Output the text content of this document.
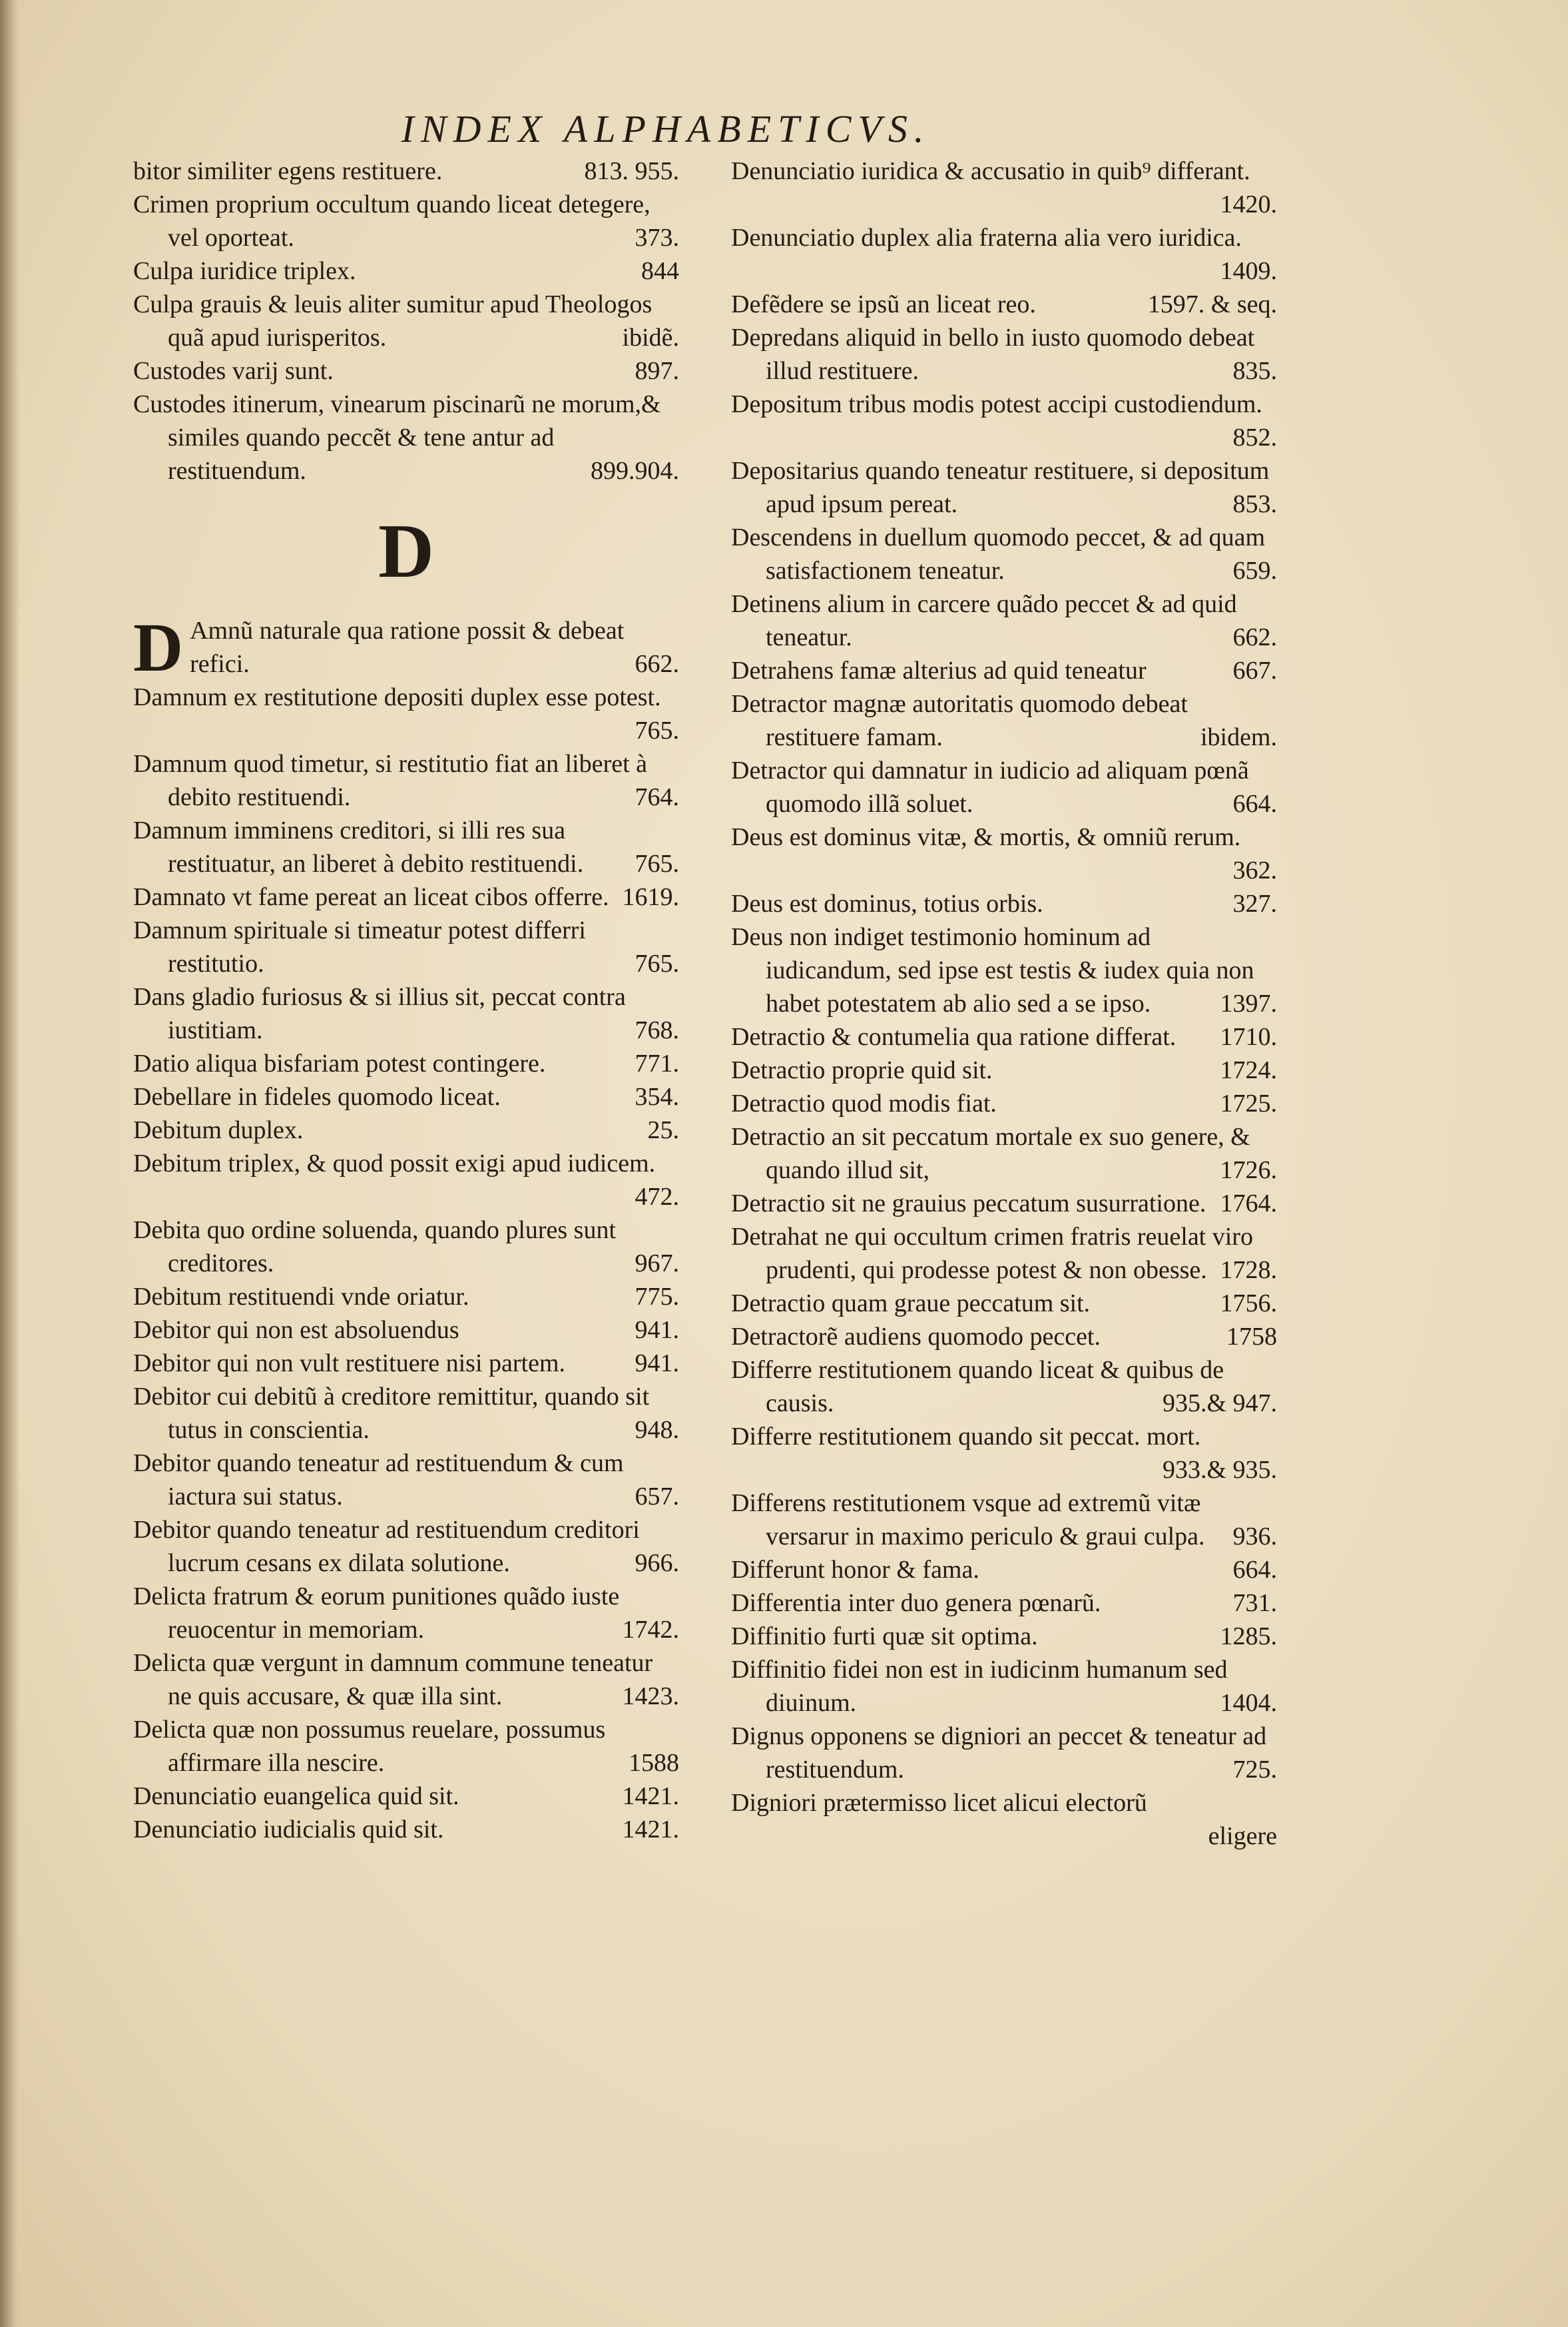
INDEX ALPHABETICVS.
bitor similiter egens restituere.	813. 955.
Crimen proprium occultum quando liceat detegere, vel oporteat.	373.
Culpa iuridice triplex.	844
Culpa grauis & leuis aliter sumitur apud Theologos quã apud iurisperitos.	ibidẽ.
Custodes varij sunt.	897.
Custodes itinerum, vinearum piscinarũ ne morum,& similes quando peccẽt & tene antur ad restituendum.	899.904.
D
D Amnũ naturale qua ratione possit & debeat refici.	662.
Damnum ex restitutione depositi duplex esse potest.
765.
Damnum quod timetur, si restitutio fiat an liberet à debito restituendi.	764.
Damnum imminens creditori, si illi res sua restituatur, an liberet à debito restituendi. 765.
Damnato vt fame pereat an liceat cibos offerre. 1619.
Damnum spirituale si timeatur potest differri restitutio.	765.
Dans gladio furiosus & si illius sit, peccat contra iustitiam.	768.
Datio aliqua bisfariam potest contingere.	771.
Debellare in fideles quomodo liceat.	354.
Debitum duplex.	25.
Debitum triplex, & quod possit exigi apud iudicem.
472.
Debita quo ordine soluenda, quando plures sunt creditores.	967.
Debitum restituendi vnde oriatur.	775.
Debitor qui non est absoluendus	941.
Debitor qui non vult restituere nisi partem.	941.
Debitor cui debitũ à creditore remittitur, quando sit tutus in conscientia.	948.
Debitor quando teneatur ad restituendum & cum iactura sui status.	657.
Debitor quando teneatur ad restituendum creditori lucrum cesans ex dilata solutione.	966.
Delicta fratrum & eorum punitiones quãdo iuste reuocentur in memoriam.	1742.
Delicta quæ vergunt in damnum commune teneatur ne quis accusare, & quæ illa sint.	1423.
Delicta quæ non possumus reuelare, possumus affirmare illa nescire.	1588
Denunciatio euangelica quid sit.	1421.
Denunciatio iudicialis quid sit.	1421.
Denunciatio iuridica & accusatio in quib⁹ differant.
1420.
Denunciatio duplex alia fraterna alia vero iuridica.
1409.
Defẽdere se ipsũ an liceat reo.	1597. & seq.
Depredans aliquid in bello in iusto quomodo debeat illud restituere.	835.
Depositum tribus modis potest accipi custodiendum.
852.
Depositarius quando teneatur restituere, si depositum apud ipsum pereat.	853.
Descendens in duellum quomodo peccet, & ad quam satisfactionem teneatur.	659.
Detinens alium in carcere quãdo peccet & ad quid teneatur.	662.
Detrahens famæ alterius ad quid teneatur	667.
Detractor magnæ autoritatis quomodo debeat restituere famam.	ibidem.
Detractor qui damnatur in iudicio ad aliquam pœnã quomodo illã soluet.	664.
Deus est dominus vitæ, & mortis, & omniũ rerum.
362.
Deus est dominus, totius orbis.	327.
Deus non indiget testimonio hominum ad iudicandum, sed ipse est testis & iudex quia non habet potestatem ab alio sed a se ipso.	1397.
Detractio & contumelia qua ratione differat. 1710.
Detractio proprie quid sit.	1724.
Detractio quod modis fiat.	1725.
Detractio an sit peccatum mortale ex suo genere, & quando illud sit,	1726.
Detractio sit ne grauius peccatum susurratione. 1764.
Detrahat ne qui occultum crimen fratris reuelat viro prudenti, qui prodesse potest & non obesse. 1728.
Detractio quam graue peccatum sit.	1756.
Detractorẽ audiens quomodo peccet.	1758
Differre restitutionem quando liceat & quibus de causis.	935.& 947.
Differre restitutionem quando sit peccat. mort.
933.& 935.
Differens restitutionem vsque ad extremũ vitæ versarur in maximo periculo & graui culpa. 936.
Differunt honor & fama.	664.
Differentia inter duo genera pœnarũ.	731.
Diffinitio furti quæ sit optima.	1285.
Diffinitio fidei non est in iudicinm humanum sed diuinum.	1404.
Dignus opponens se digniori an peccet & teneatur ad restituendum.	725.
Digniori prætermisso licet alicui electorũ
eligere
